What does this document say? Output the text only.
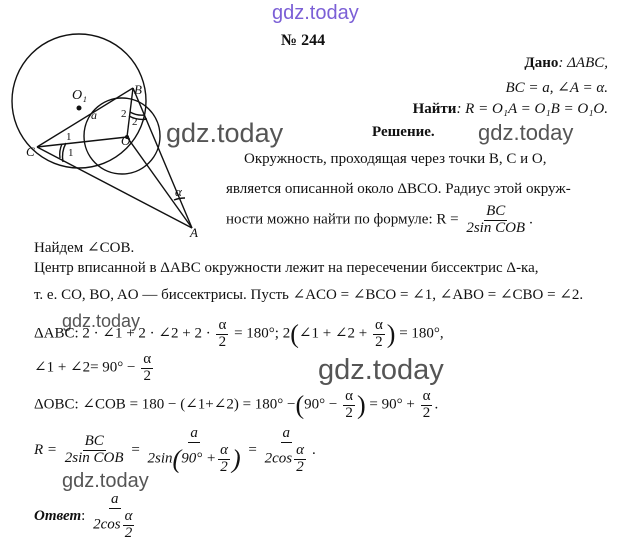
gdz.today
gdz.today	gdz.today
gdz.today
gdz.today
gdz.today
№ 244
O₁	B
C
O
A
a
α
1
1
2
2
Дано: ΔABC,
BC = a, ∠A = α.
Найти: R = O₁A = O₁B = O₁O.
Решение.
Окружность, проходящая через точки B, C и O,
является описанной около ΔBCO. Радиус этой окруж-
ности можно найти по формуле: $R = \frac{BC}{\text{2sin COB}}$ .
Найдем ∠COB.
Центр вписанной в ΔABC окружности лежит на пересечении биссектрис Δ-ка,
т. е. CO, BO, AO — биссектрисы. Пусть ∠ACO = ∠BCO = ∠1, ∠ABO = ∠CBO = ∠2.
ΔABC: 2 · ∠1 + 2 · ∠2 + $2 \cdot \frac{\alpha}{2} = 180^\circ$; 2(∠1 + ∠2 + $\frac{\alpha}{2}$ ) = 180°,
∠1 + ∠2= $90^\circ - \frac{\alpha}{2}$
ΔOBC: ∠COB = 180 − (∠1+∠2) = $180^\circ -(90^\circ - \frac{\alpha}{2}$ ) = $90^\circ + \frac{\alpha}{2}$ .
$R = \frac{BC}{\text{2sin COB}} = \frac{a}{2\sin(90^\circ + \frac{\alpha}{2} )} = \frac{a}{2\cos \frac{\alpha}{2}}$ .
Ответ: $\frac{a}{2\cos \frac{\alpha}{2}}$
